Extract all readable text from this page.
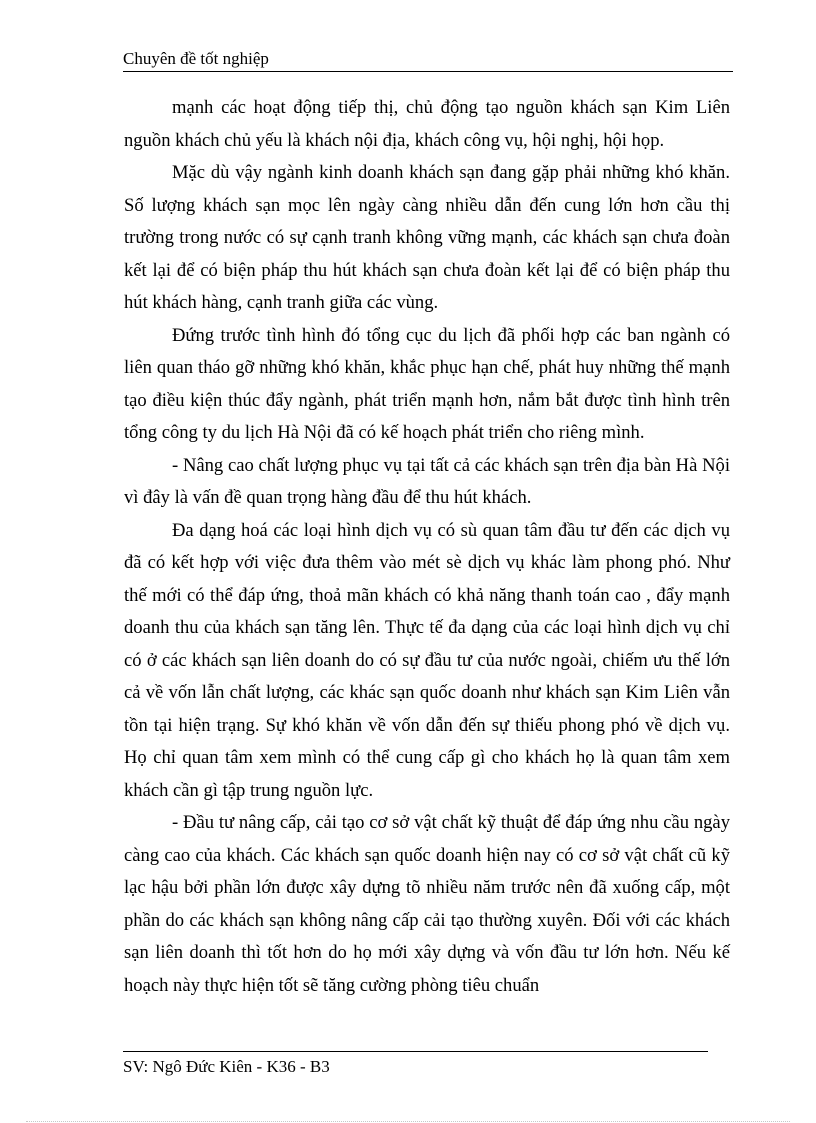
Chuyên đề tốt nghiệp

mạnh các hoạt động tiếp thị, chủ động tạo nguồn khách sạn Kim Liên nguồn khách chủ yếu là khách nội địa, khách công vụ, hội nghị, hội họp.

Mặc dù vậy ngành kinh doanh khách sạn đang gặp phải những khó khăn. Số lượng khách sạn mọc lên ngày càng nhiều dẫn đến cung lớn hơn cầu thị trường trong nước có sự cạnh tranh không vững mạnh, các khách sạn chưa đoàn kết lại để có biện pháp thu hút khách sạn chưa đoàn kết lại để có biện pháp thu hút khách hàng, cạnh tranh giữa các vùng.

Đứng trước tình hình đó tổng cục du lịch đã phối hợp các ban ngành có liên quan tháo gỡ những khó khăn, khắc phục hạn chế, phát huy những thế mạnh tạo điều kiện thúc đẩy ngành, phát triển mạnh hơn, nắm bắt được tình hình trên tổng công ty du lịch Hà Nội đã có kế hoạch phát triển cho riêng mình.

- Nâng cao chất lượng phục vụ tại tất cả các khách sạn trên địa bàn Hà Nội vì đây là vấn đề quan trọng hàng đầu để thu hút khách.

Đa dạng hoá các loại hình dịch vụ có sù quan tâm đầu tư đến các dịch vụ đã có kết hợp với việc đưa thêm vào mét sè dịch vụ khác làm phong phó. Như thế mới có thể đáp ứng, thoả mãn khách có khả năng thanh toán cao , đẩy mạnh doanh thu của khách sạn tăng lên. Thực tế đa dạng của các loại hình dịch vụ chỉ có ở các khách sạn liên doanh do có sự đầu tư của nước ngoài, chiếm ưu thế lớn cả về vốn lẫn chất lượng, các khác sạn quốc doanh như khách sạn Kim Liên vẫn tồn tại hiện trạng. Sự khó khăn về vốn dẫn đến sự thiếu phong phó về dịch vụ. Họ chỉ quan tâm xem mình có thể cung cấp gì cho khách họ là quan tâm xem khách cần gì tập trung nguồn lực.

- Đầu tư nâng cấp, cải tạo cơ sở vật chất kỹ thuật để đáp ứng nhu cầu ngày càng cao của khách. Các khách sạn quốc doanh hiện nay có cơ sở vật chất cũ kỹ lạc hậu bởi phần lớn được xây dựng tõ nhiều năm trước nên đã xuống cấp, một phần do các khách sạn không nâng cấp cải tạo thường xuyên. Đối với các khách sạn liên doanh thì tốt hơn do họ mới xây dựng và vốn đầu tư lớn hơn. Nếu kế hoạch này thực hiện tốt sẽ tăng cường phòng tiêu chuẩn

SV: Ngô Đức Kiên - K36 - B3
